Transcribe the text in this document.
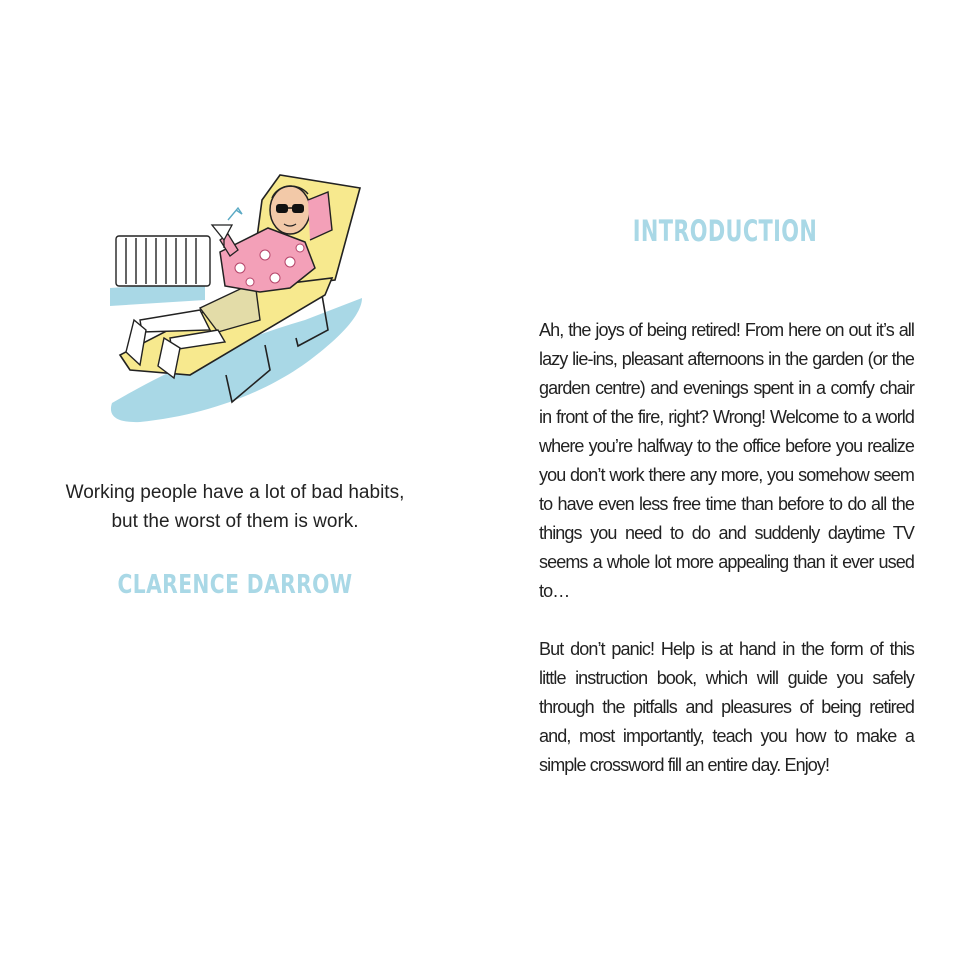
Working people have a lot of bad habits,
but the worst of them is work.
CLARENCE DARROW
INTRODUCTION

Ah, the joys of being retired! From here on out it’s all lazy lie-ins, pleasant afternoons in the garden (or the garden centre) and evenings spent in a comfy chair in front of the fire, right? Wrong! Welcome to a world where you’re halfway to the office before you realize you don’t work there any more, you somehow seem to have even less free time than before to do all the things you need to do and suddenly daytime TV seems a whole lot more appealing than it ever used to…

But don’t panic! Help is at hand in the form of this little instruction book, which will guide you safely through the pitfalls and pleasures of being retired and, most importantly, teach you how to make a simple crossword fill an entire day. Enjoy!
